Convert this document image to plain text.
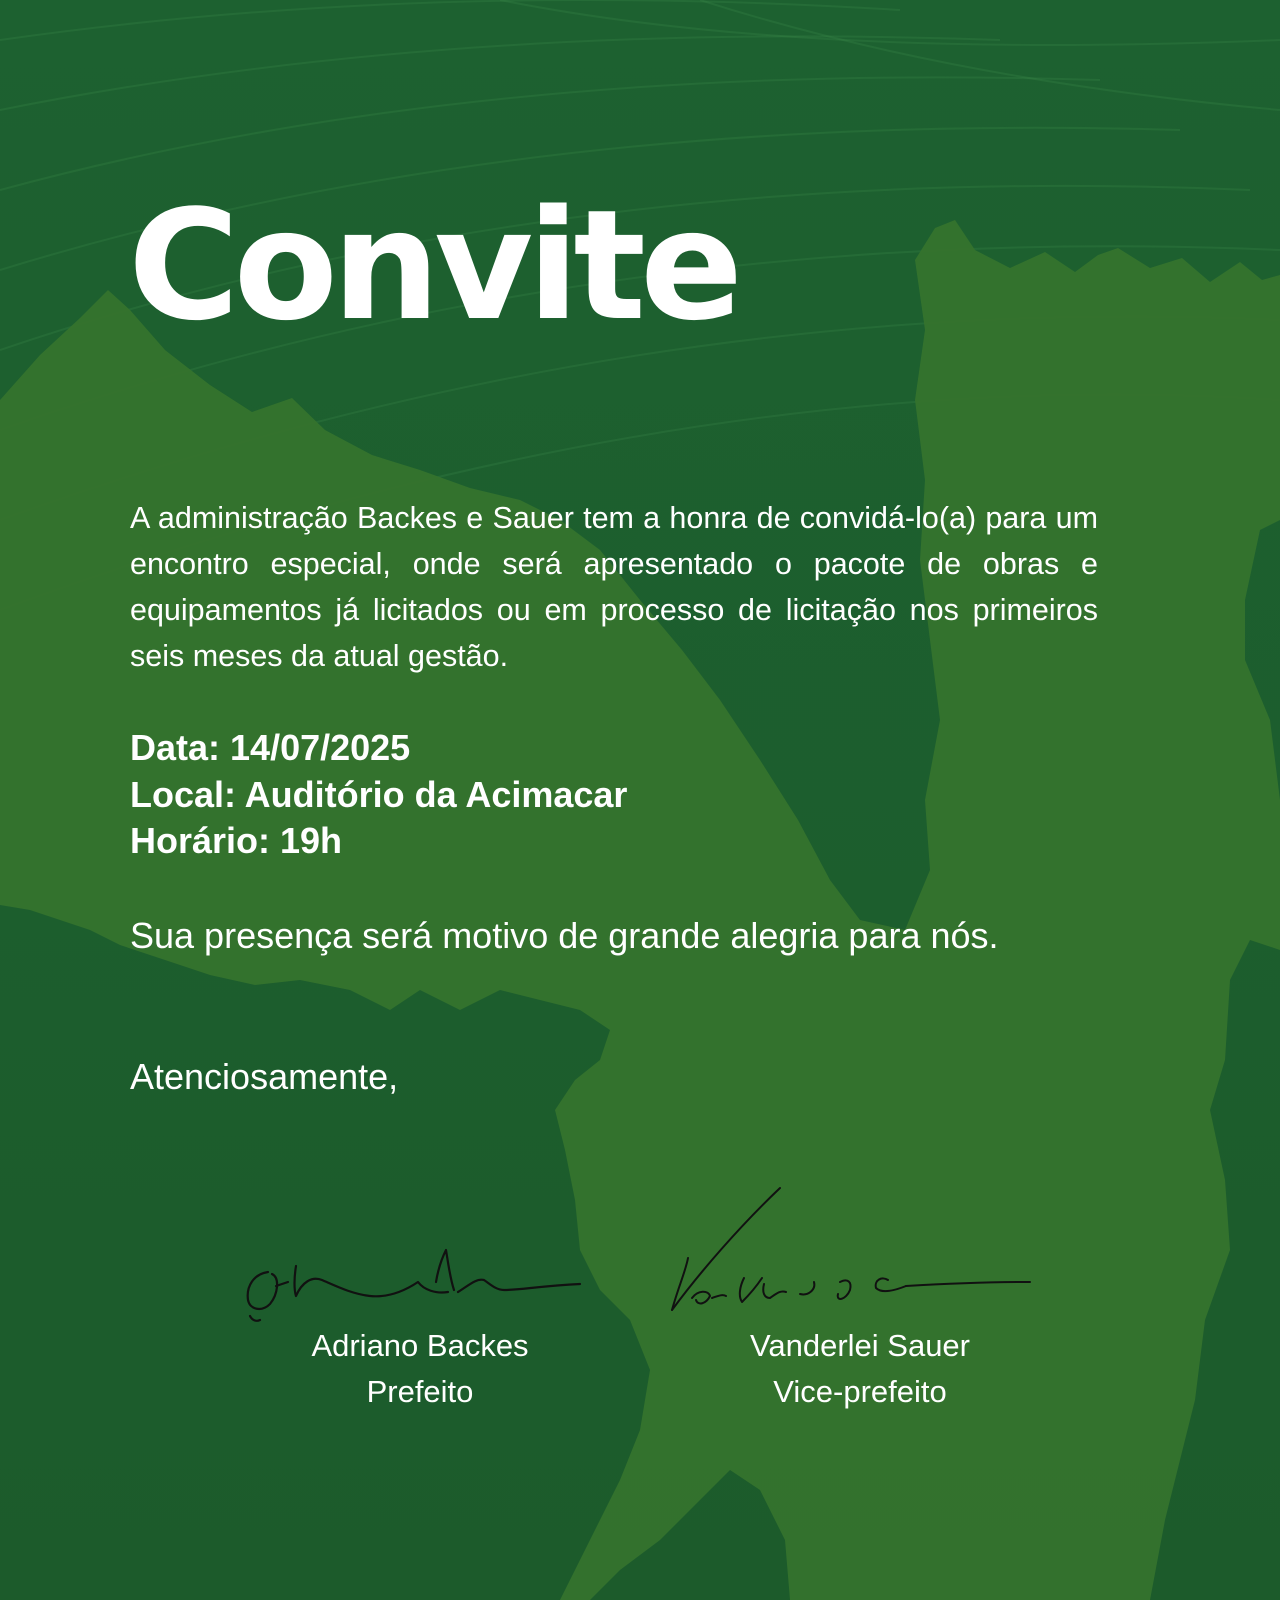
Convite

A administração Backes e Sauer tem a honra de convidá-lo(a) para um encontro especial, onde será apresentado o pacote de obras e equipamentos já licitados ou em processo de licitação nos primeiros seis meses da atual gestão.

Data: 14/07/2025
Local: Auditório da Acimacar
Horário: 19h

Sua presença será motivo de grande alegria para nós.

Atenciosamente,

Adriano Backes
Prefeito
Vanderlei Sauer
Vice-prefeito
